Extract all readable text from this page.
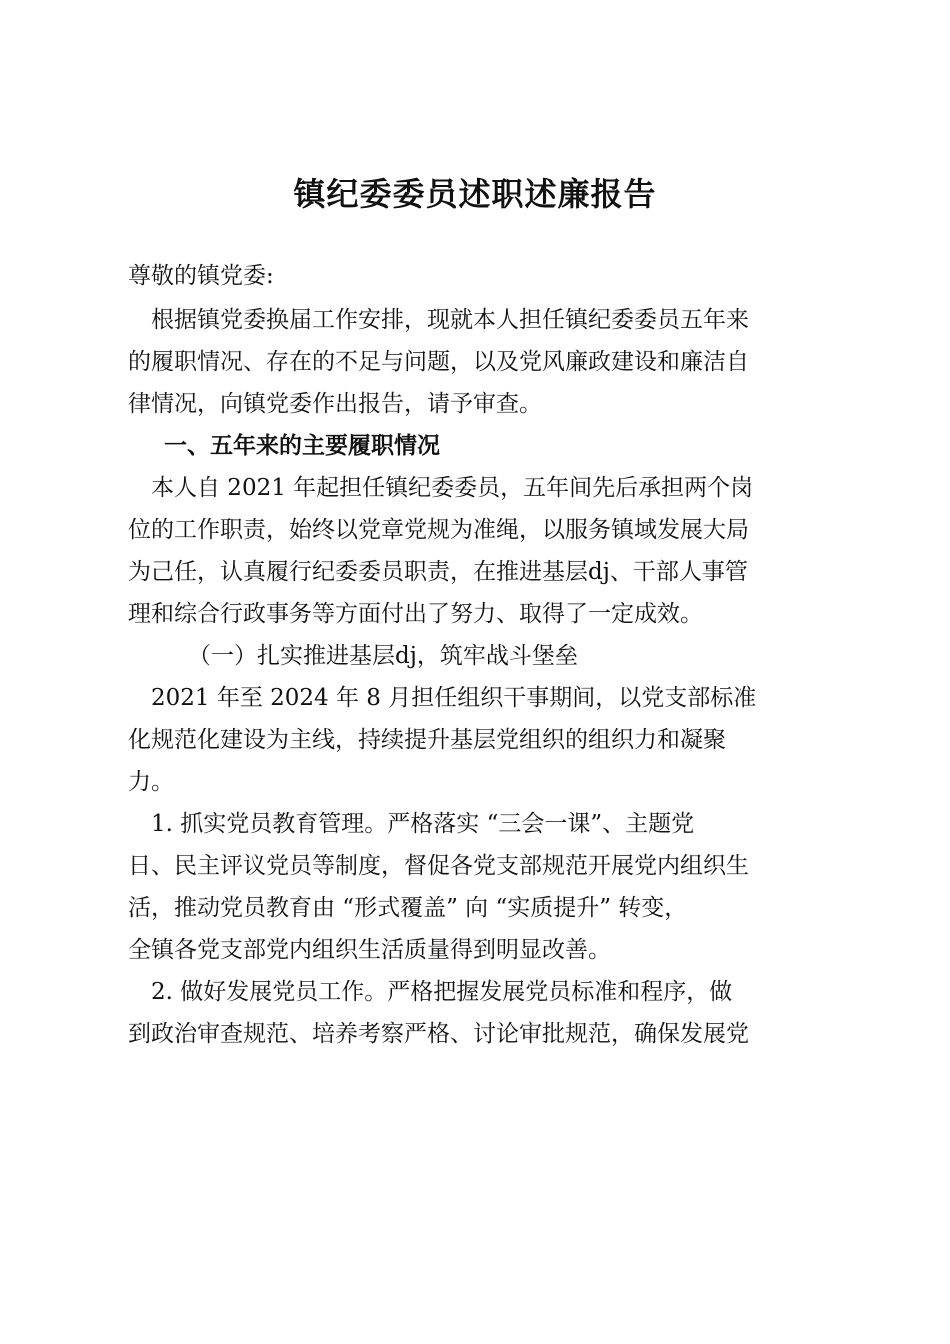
镇纪委委员述职述廉报告

尊敬的镇党委:

　根据镇党委换届工作安排，现就本人担任镇纪委委员五年来
的履职情况、存在的不足与问题，以及党风廉政建设和廉洁自
律情况，向镇党委作出报告，请予审查。

一、五年来的主要履职情况

　本人自 2021 年起担任镇纪委委员，五年间先后承担两个岗
位的工作职责，始终以党章党规为准绳，以服务镇域发展大局
为己任，认真履行纪委委员职责，在推进基层dj、干部人事管
理和综合行政事务等方面付出了努力、取得了一定成效。

（一）扎实推进基层dj，筑牢战斗堡垒

　2021 年至 2024 年 8 月担任组织干事期间，以党支部标准
化规范化建设为主线，持续提升基层党组织的组织力和凝聚
力。

　1. 抓实党员教育管理。严格落实 “三会一课”、主题党
日、民主评议党员等制度，督促各党支部规范开展党内组织生
活，推动党员教育由 “形式覆盖” 向 “实质提升” 转变，
全镇各党支部党内组织生活质量得到明显改善。

　2. 做好发展党员工作。严格把握发展党员标准和程序，做
到政治审查规范、培养考察严格、讨论审批规范，确保发展党
